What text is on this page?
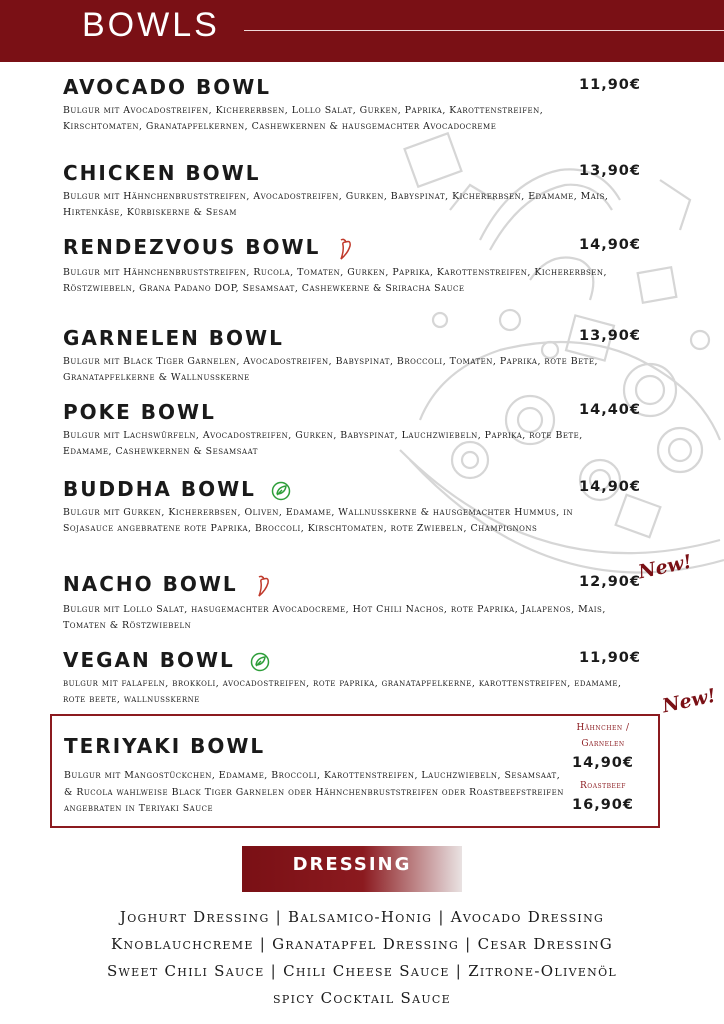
BOWLS
AVOCADO BOWL	11,90€
Bulgur mit Avocadostreifen, Kichererbsen, Lollo Salat, Gurken, Paprika, Karottenstreifen, Kirschtomaten, Granatapfelkernen, Cashewkernen & hausgemachter Avocadocreme
CHICKEN BOWL	13,90€
Bulgur mit Hähnchenbruststreifen, Avocadostreifen, Gurken, Babyspinat, Kichererbsen, Edamame, Mais, Hirtenkäse, Kürbiskerne & Sesam
RENDEZVOUS BOWL	14,90€
Bulgur mit Hähnchenbruststreifen, Rucola, Tomaten, Gurken, Paprika, Karottenstreifen, Kichererbsen, Röstzwiebeln, Grana Padano DOP, Sesamsaat, Cashewkerne & Sriracha Sauce
GARNELEN BOWL	13,90€
Bulgur mit Black Tiger Garnelen, Avocadostreifen, Babyspinat, Broccoli, Tomaten, Paprika, rote Bete, Granatapfelkerne & Wallnusskerne
POKE BOWL	14,40€
Bulgur mit Lachswürfeln, Avocadostreifen, Gurken, Babyspinat, Lauchzwiebeln, Paprika, rote Bete, Edamame, Cashewkernen & Sesamsaat
BUDDHA BOWL	14,90€
Bulgur mit Gurken, Kichererbsen, Oliven, Edamame, Wallnusskerne & hausgemachter Hummus, in Sojasauce angebratene rote Paprika, Broccoli, Kirschtomaten, rote Zwiebeln, Champignons
NACHO BOWL	12,90€
Bulgur mit Lollo Salat, hasugemachter Avocadocreme, Hot Chili Nachos, rote Paprika, Jalapenos, Mais, Tomaten & Röstzwiebeln
New!
VEGAN BOWL	11,90€
bulgur mit falafeln, brokkoli, avocadostreifen, rote paprika, granatapfelkerne, karottenstreifen, edamame, rote beete, wallnusskerne	New!
TERIYAKI BOWL
Bulgur mit Mangostückchen, Edamame, Broccoli, Karottenstreifen, Lauchzwiebeln, Sesamsaat, & Rucola wahlweise Black Tiger Garnelen oder Hähnchenbruststreifen oder Roastbeefstreifen angebraten in Teriyaki Sauce
Hähnchen /
Garnelen
14,90€
Roastbeef
16,90€
DRESSING
Joghurt Dressing | Balsamico-Honig | Avocado Dressing
Knoblauchcreme | Granatapfel Dressing | Cesar DressinG
Sweet Chili Sauce | Chili Cheese Sauce | Zitrone-Olivenöl
spicy Cocktail Sauce
